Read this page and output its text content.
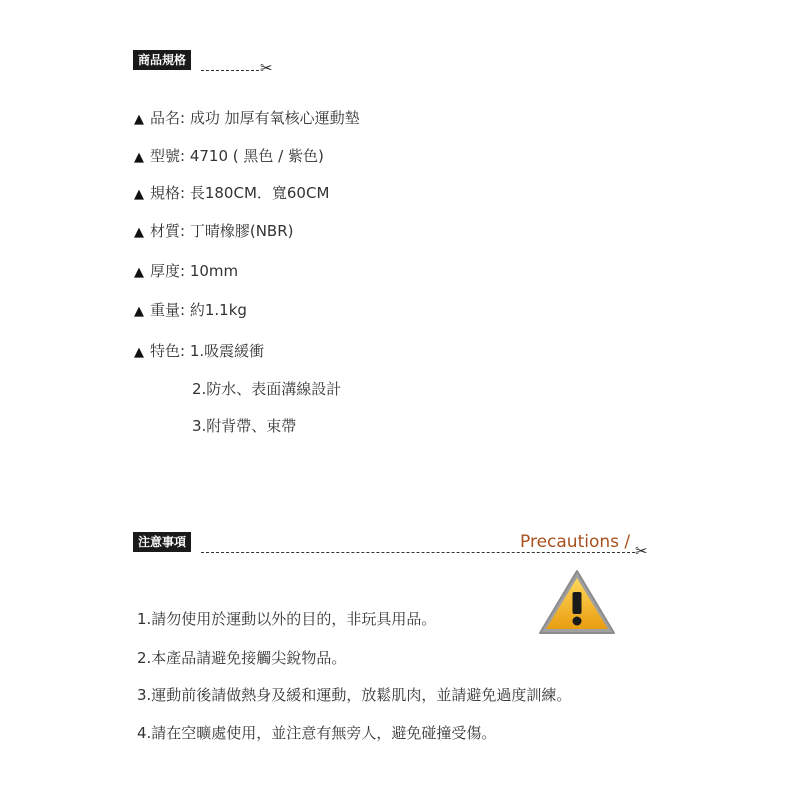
商品規格	✂
▲ 品名: 成功 加厚有氧核心運動墊
▲ 型號: 4710 ( 黑色 / 紫色)
▲ 規格: 長180CM．寬60CM
▲ 材質: 丁晴橡膠(NBR)
▲ 厚度: 10mm
▲ 重量: 約1.1kg
▲ 特色: 1.吸震緩衝
2.防水、表面溝線設計
3.附背帶、束帶
注意事項	Precautions / ✂
1.請勿使用於運動以外的目的，非玩具用品。
2.本產品請避免接觸尖銳物品。
3.運動前後請做熱身及緩和運動，放鬆肌肉，並請避免過度訓練。
4.請在空曠處使用，並注意有無旁人，避免碰撞受傷。
